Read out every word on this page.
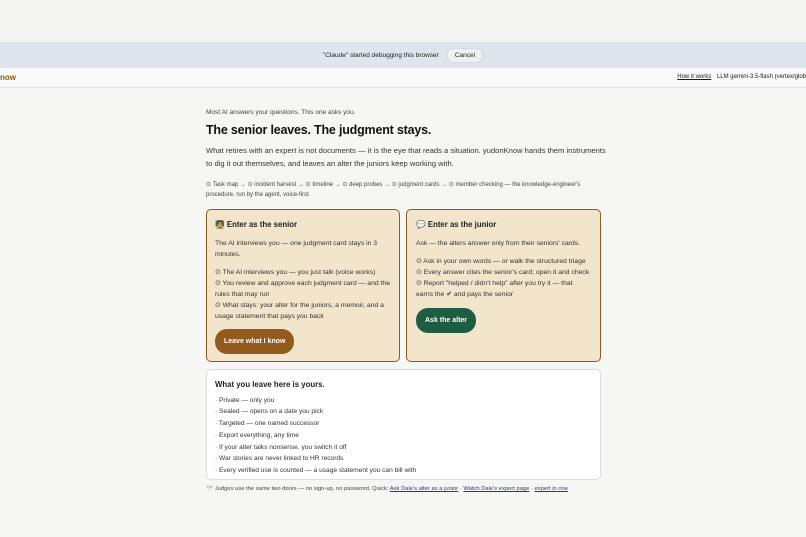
"Claude" started debugging this browser	Cancel
now	How it works LLM gemini-3.5-flash (vertex/glob
Most AI answers your questions. This one asks you.
The senior leaves. The judgment stays.
What retires with an expert is not documents — it is the eye that reads a situation. yudonKnow hands them instruments to dig it out themselves, and leaves an alter the juniors keep working with.
⊙ Task map → ⊙ incident harvest → ⊙ timeline → ⊙ deep probes → ⊙ judgment cards → ⊙ member checking — the knowledge-engineer's procedure, run by the agent, voice-first.
🧑‍🏫 Enter as the senior

The AI interviews you — one judgment card stays in 3 minutes.

⊙ The AI interviews you — you just talk (voice works)
⊙ You review and approve each judgment card — and the rules that may run
⊙ What stays: your alter for the juniors, a memoir, and a usage statement that pays you back
Leave what I know
💬 Enter as the junior

Ask — the alters answer only from their seniors' cards.

⊙ Ask in your own words — or walk the structured triage
⊙ Every answer cites the senior's card; open it and check
⊙ Report "helped / didn't help" after you try it — that earns the ✔ and pays the senior
Ask the alter
What you leave here is yours.
· Private — only you
· Sealed — opens on a date you pick
· Targeted — one named successor
· Export everything, any time
· If your alter talks nonsense, you switch it off
· War stories are never linked to HR records
· Every verified use is counted — a usage statement you can bill with
🎌 Judges use the same two doors — no sign-up, no password. Quick: Ask Dale's alter as a junior · Watch Dale's expert page · expert in one
